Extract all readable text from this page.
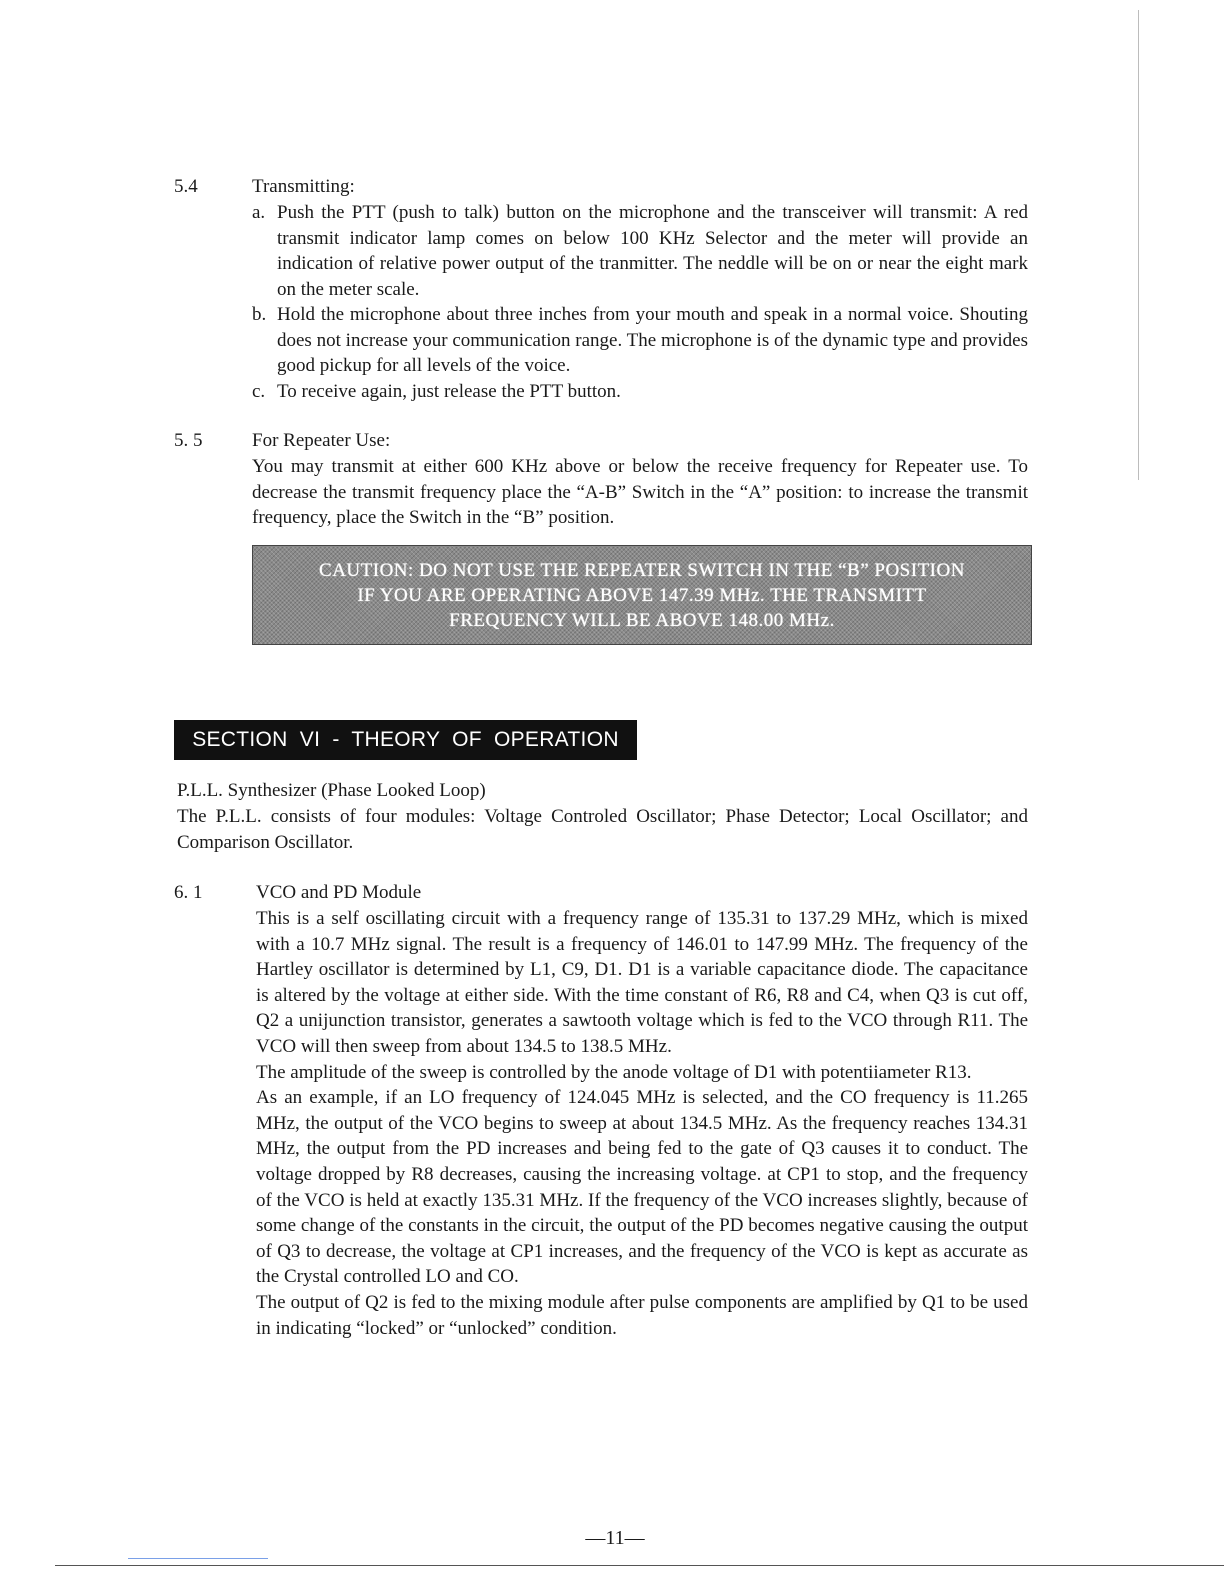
5.4	Transmitting:
a. Push the PTT (push to talk) button on the microphone and the transceiver will transmit: A red transmit indicator lamp comes on below 100 KHz Selector and the meter will provide an indication of relative power output of the tranmitter. The neddle will be on or near the eight mark on the meter scale.
b. Hold the microphone about three inches from your mouth and speak in a normal voice. Shouting does not increase your communication range. The microphone is of the dynamic type and provides good pickup for all levels of the voice.
c. To receive again, just release the PTT button.
5. 5	For Repeater Use:

You may transmit at either 600 KHz above or below the receive frequency for Repeater use. To decrease the transmit frequency place the “A-B” Switch in the “A” position: to increase the transmit frequency, place the Switch in the “B” position.

CAUTION: DO NOT USE THE REPEATER SWITCH IN THE “B” POSITION
IF YOU ARE OPERATING ABOVE 147.39 MHz. THE TRANSMITT
FREQUENCY WILL BE ABOVE 148.00 MHz.
SECTION VI - THEORY OF OPERATION
P.L.L. Synthesizer (Phase Looked Loop)

The P.L.L. consists of four modules: Voltage Controled Oscillator; Phase Detector; Local Oscillator; and Comparison Oscillator.

6. 1	VCO and PD Module

This is a self oscillating circuit with a frequency range of 135.31 to 137.29 MHz, which is mixed with a 10.7 MHz signal. The result is a frequency of 146.01 to 147.99 MHz. The frequency of the Hartley oscillator is determined by L1, C9, D1. D1 is a variable capacitance diode. The capacitance is altered by the voltage at either side. With the time constant of R6, R8 and C4, when Q3 is cut off, Q2 a unijunction transistor, generates a sawtooth voltage which is fed to the VCO through R11. The VCO will then sweep from about 134.5 to 138.5 MHz.

The amplitude of the sweep is controlled by the anode voltage of D1 with potentiiameter R13.

As an example, if an LO frequency of 124.045 MHz is selected, and the CO frequency is 11.265 MHz, the output of the VCO begins to sweep at about 134.5 MHz. As the frequency reaches 134.31 MHz, the output from the PD increases and being fed to the gate of Q3 causes it to conduct. The voltage dropped by R8 decreases, causing the increasing voltage. at CP1 to stop, and the frequency of the VCO is held at exactly 135.31 MHz. If the frequency of the VCO increases slightly, because of some change of the constants in the circuit, the output of the PD becomes negative causing the output of Q3 to decrease, the voltage at CP1 increases, and the frequency of the VCO is kept as accurate as the Crystal controlled LO and CO.

The output of Q2 is fed to the mixing module after pulse components are amplified by Q1 to be used in indicating “locked” or “unlocked” condition.

—11—
